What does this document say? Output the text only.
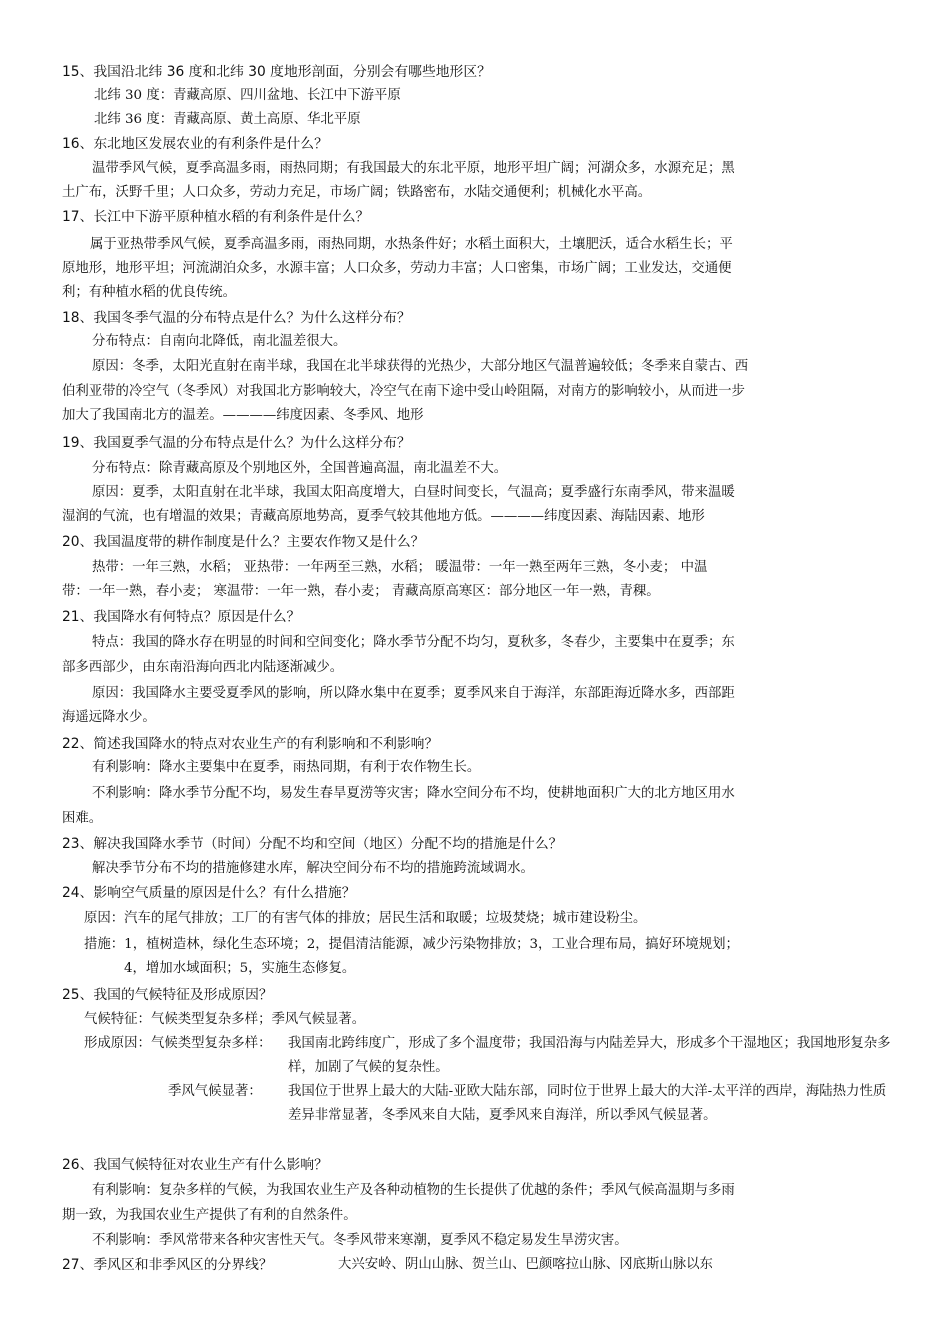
15、我国沿北纬 36 度和北纬 30 度地形剖面，分别会有哪些地形区？
北纬 30 度：青藏高原、四川盆地、长江中下游平原
北纬 36 度：青藏高原、黄土高原、华北平原
16、东北地区发展农业的有利条件是什么？
温带季风气候，夏季高温多雨，雨热同期；有我国最大的东北平原，地形平坦广阔；河湖众多，水源充足；黑
土广布，沃野千里；人口众多，劳动力充足，市场广阔；铁路密布，水陆交通便利；机械化水平高。
17、长江中下游平原种植水稻的有利条件是什么？
属于亚热带季风气候，夏季高温多雨，雨热同期，水热条件好；水稻土面积大，土壤肥沃，适合水稻生长；平
原地形，地形平坦；河流湖泊众多，水源丰富；人口众多，劳动力丰富；人口密集，市场广阔；工业发达，交通便
利；有种植水稻的优良传统。
18、我国冬季气温的分布特点是什么？为什么这样分布？
分布特点：自南向北降低，南北温差很大。
原因：冬季，太阳光直射在南半球，我国在北半球获得的光热少，大部分地区气温普遍较低；冬季来自蒙古、西
伯利亚带的冷空气（冬季风）对我国北方影响较大，冷空气在南下途中受山岭阻隔，对南方的影响较小，从而进一步
加大了我国南北方的温差。————纬度因素、冬季风、地形
19、我国夏季气温的分布特点是什么？为什么这样分布？
分布特点：除青藏高原及个别地区外，全国普遍高温，南北温差不大。
原因：夏季，太阳直射在北半球，我国太阳高度增大，白昼时间变长，气温高；夏季盛行东南季风，带来温暖
湿润的气流，也有增温的效果；青藏高原地势高，夏季气较其他地方低。————纬度因素、海陆因素、地形
20、我国温度带的耕作制度是什么？主要农作物又是什么？
热带：一年三熟，水稻； 亚热带：一年两至三熟，水稻； 暖温带：一年一熟至两年三熟，冬小麦； 中温
带：一年一熟，春小麦； 寒温带：一年一熟，春小麦； 青藏高原高寒区：部分地区一年一熟，青稞。
21、我国降水有何特点？原因是什么？
特点：我国的降水存在明显的时间和空间变化；降水季节分配不均匀，夏秋多，冬春少，主要集中在夏季；东
部多西部少，由东南沿海向西北内陆逐渐减少。
原因：我国降水主要受夏季风的影响，所以降水集中在夏季；夏季风来自于海洋，东部距海近降水多，西部距
海遥远降水少。
22、简述我国降水的特点对农业生产的有利影响和不利影响？
有利影响：降水主要集中在夏季，雨热同期，有利于农作物生长。
不利影响：降水季节分配不均，易发生春旱夏涝等灾害；降水空间分布不均，使耕地面积广大的北方地区用水
困难。
23、解决我国降水季节（时间）分配不均和空间（地区）分配不均的措施是什么？
解决季节分布不均的措施修建水库，解决空间分布不均的措施跨流域调水。
24、影响空气质量的原因是什么？有什么措施？
原因：汽车的尾气排放；工厂的有害气体的排放；居民生活和取暖；垃圾焚烧；城市建设粉尘。
措施：1，植树造林，绿化生态环境；2，提倡清洁能源，减少污染物排放；3，工业合理布局，搞好环境规划；
4，增加水域面积；5，实施生态修复。
25、我国的气候特征及形成原因？
气候特征：气候类型复杂多样；季风气候显著。
形成原因：气候类型复杂多样： 我国南北跨纬度广，形成了多个温度带；我国沿海与内陆差异大，形成多个干湿地区；我国地形复杂多样，加剧了气候的复杂性。
季风气候显著： 我国位于世界上最大的大陆-亚欧大陆东部，同时位于世界上最大的大洋-太平洋的西岸，海陆热力性质差异非常显著，冬季风来自大陆，夏季风来自海洋，所以季风气候显著。
26、我国气候特征对农业生产有什么影响？
有利影响：复杂多样的气候，为我国农业生产及各种动植物的生长提供了优越的条件；季风气候高温期与多雨
期一致，为我国农业生产提供了有利的自然条件。
不利影响：季风常带来各种灾害性天气。冬季风带来寒潮，夏季风不稳定易发生旱涝灾害。
27、季风区和非季风区的分界线？	大兴安岭、阴山山脉、贺兰山、巴颜喀拉山脉、冈底斯山脉以东
